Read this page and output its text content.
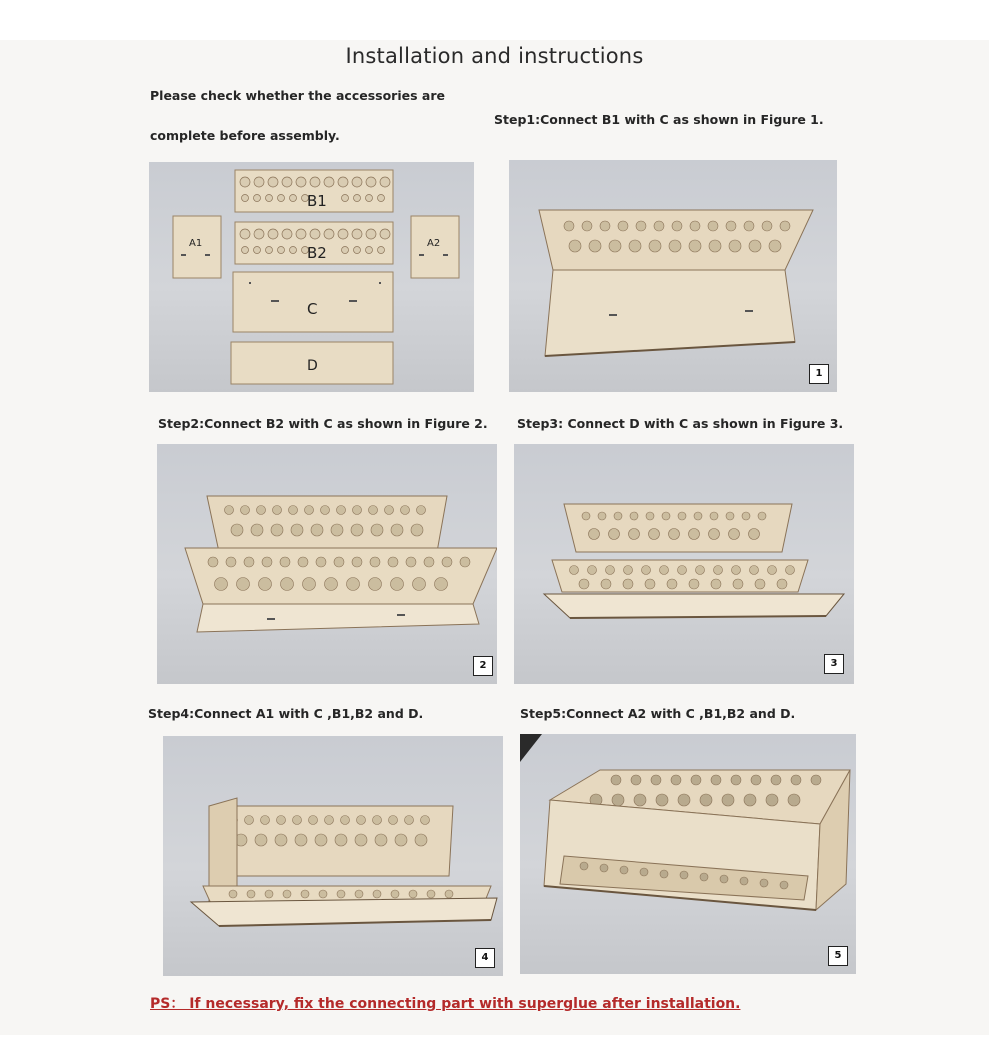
Installation and instructions
Please check whether the accessories are
complete before assembly.
Step1:Connect B1 with C as shown in Figure 1.
B1
B2
A1	A2
C
D	1
Step2:Connect B2 with C as shown in Figure 2. Step3: Connect D with C as shown in Figure 3.
2	3
Step4:Connect A1 with C ,B1,B2 and D.	Step5:Connect A2 with C ,B1,B2 and D.
4	5
PS： If necessary, fix the connecting part with superglue after installation.
